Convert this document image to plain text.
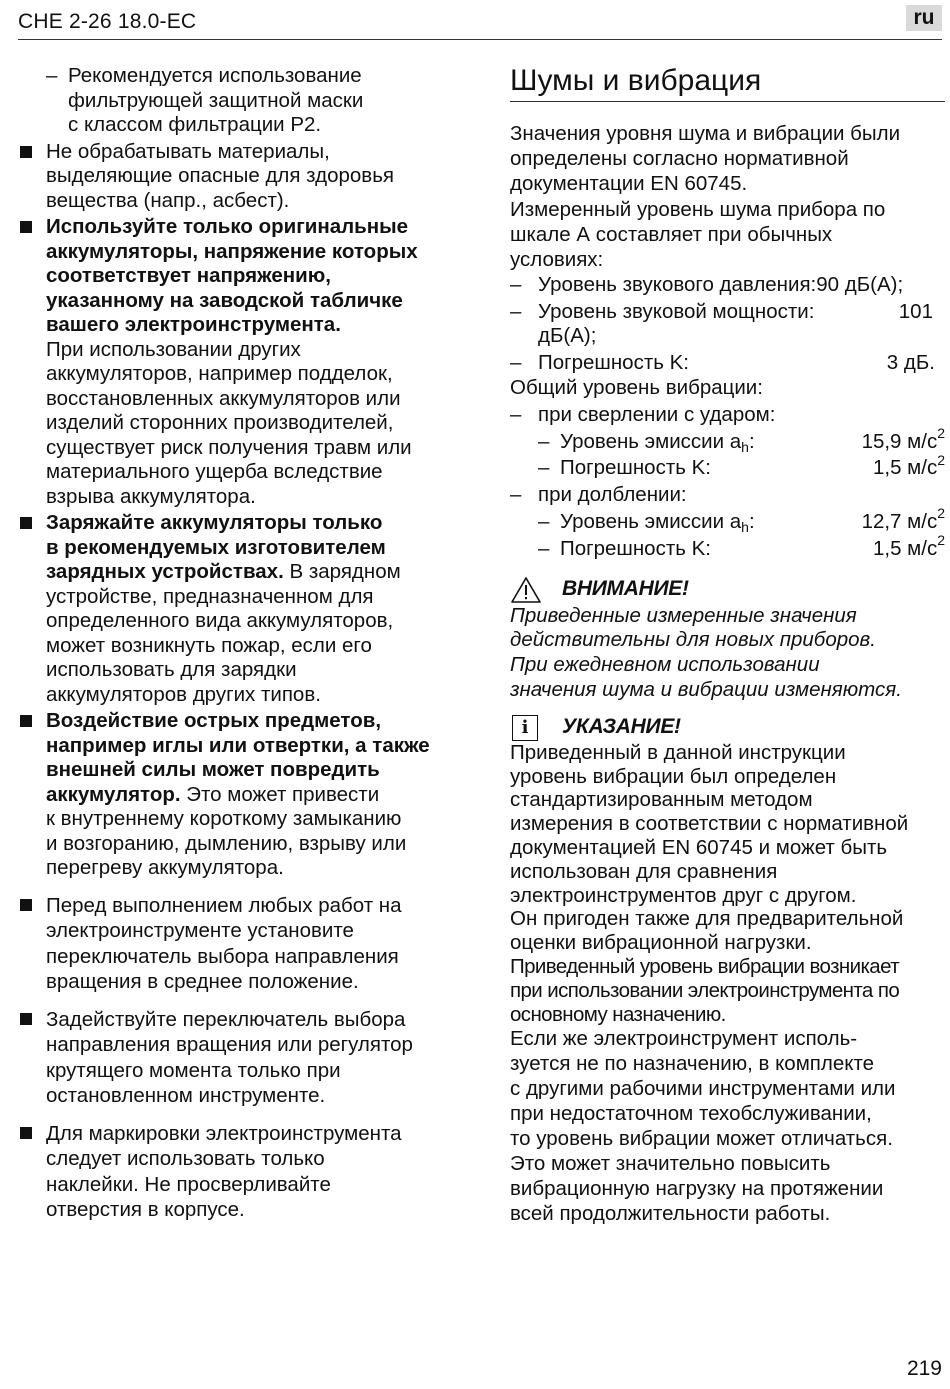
CHE 2-26 18.0-EC	ru
– Рекомендуется использование
фильтрующей защитной маски
с классом фильтрации P2.
Не обрабатывать материалы,
выделяющие опасные для здоровья
вещества (напр., асбест).
Используйте только оригинальные
аккумуляторы, напряжение которых
соответствует напряжению,
указанному на заводской табличке
вашего электроинструмента.
При использовании других
аккумуляторов, например подделок,
восстановленных аккумуляторов или
изделий сторонних производителей,
существует риск получения травм или
материального ущерба вследствие
взрыва аккумулятора.
Заряжайте аккумуляторы только
в рекомендуемых изготовителем
зарядных устройствах. В зарядном
устройстве, предназначенном для
определенного вида аккумуляторов,
может возникнуть пожар, если его
использовать для зарядки
аккумуляторов других типов.
Воздействие острых предметов,
например иглы или отвертки, а также
внешней силы может повредить
аккумулятор. Это может привести
к внутреннему короткому замыканию
и возгоранию, дымлению, взрыву или
перегреву аккумулятора.
Перед выполнением любых работ на
электроинструменте установите
переключатель выбора направления
вращения в среднее положение.
Задействуйте переключатель выбора
направления вращения или регулятор
крутящего момента только при
остановленном инструменте.
Для маркировки электроинструмента
следует использовать только
наклейки. Не просверливайте
отверстия в корпусе.
Шумы и вибрация
Значения уровня шума и вибрации были
определены согласно нормативной
документации EN 60745.
Измеренный уровень шума прибора по
шкале А составляет при обычных
условиях:
– Уровень звукового давления: 90 дБ(A);
– Уровень звуковой мощности:	101
дБ(A);
– Погрешность K:	3 дБ.
Общий уровень вибрации:
– при сверлении с ударом:
– Уровень эмиссии $a_h$:	15,9 $м/с^2$
– Погрешность K:	1,5 $м/с^2$
– при долблении:
– Уровень эмиссии $a_h$:	12,7 $м/с^2$
– Погрешность K:	1,5 $м/с^2$
ВНИМАНИЕ!
Приведенные измеренные значения
действительны для новых приборов.
При ежедневном использовании
значения шума и вибрации изменяются.
i	УКАЗАНИЕ!
Приведенный в данной инструкции
уровень вибрации был определен
стандартизированным методом
измерения в соответствии с нормативной
документацией EN 60745 и может быть
использован для сравнения
электроинструментов друг с другом.
Он пригоден также для предварительной
оценки вибрационной нагрузки.
Приведенный уровень вибрации возникает
при использовании электроинструмента по
основному назначению.
Если же электроинструмент исполь-
зуется не по назначению, в комплекте
с другими рабочими инструментами или
при недостаточном техобслуживании,
то уровень вибрации может отличаться.
Это может значительно повысить
вибрационную нагрузку на протяжении
всей продолжительности работы.
219
